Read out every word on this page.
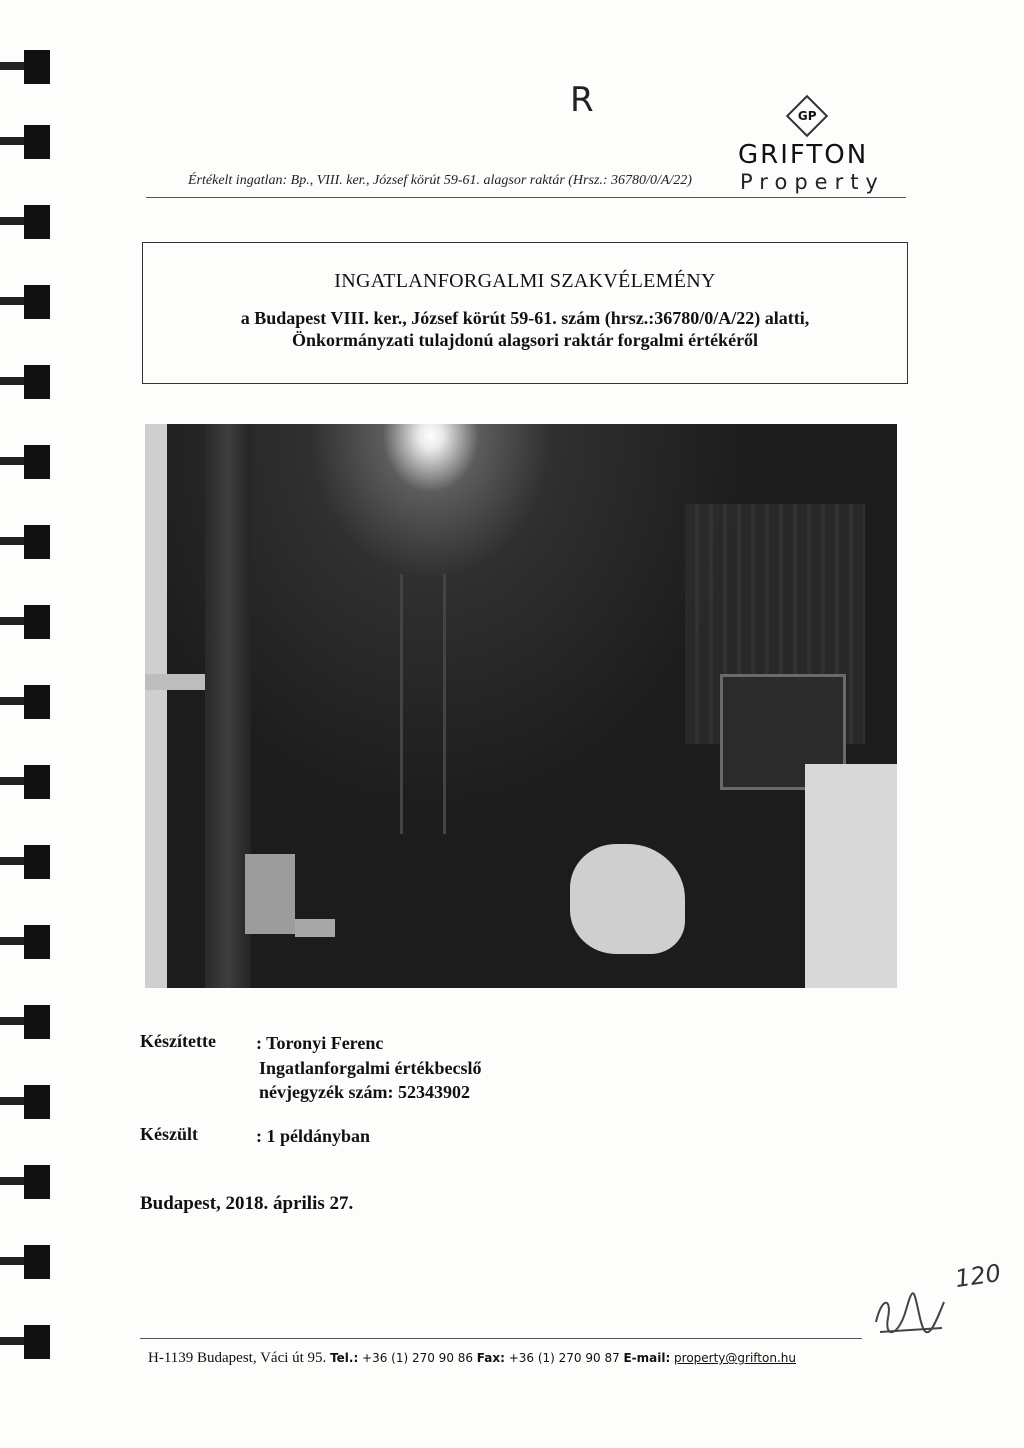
R	GP
GRIFTON
Property
Értékelt ingatlan: Bp., VIII. ker., József körút 59-61. alagsor raktár (Hrsz.: 36780/0/A/22)
INGATLANFORGALMI SZAKVÉLEMÉNY
a Budapest VIII. ker., József körút 59-61. szám (hrsz.:36780/0/A/22) alatti,
Önkormányzati tulajdonú alagsori raktár forgalmi értékéről
Készítette : Toronyi Ferenc
Ingatlanforgalmi értékbecslő
névjegyzék szám: 52343902
Készült	: 1 példányban
Budapest, 2018. április 27.
120
H-1139 Budapest, Váci út 95. Tel.: +36 (1) 270 90 86 Fax: +36 (1) 270 90 87 E-mail: property@grifton.hu
